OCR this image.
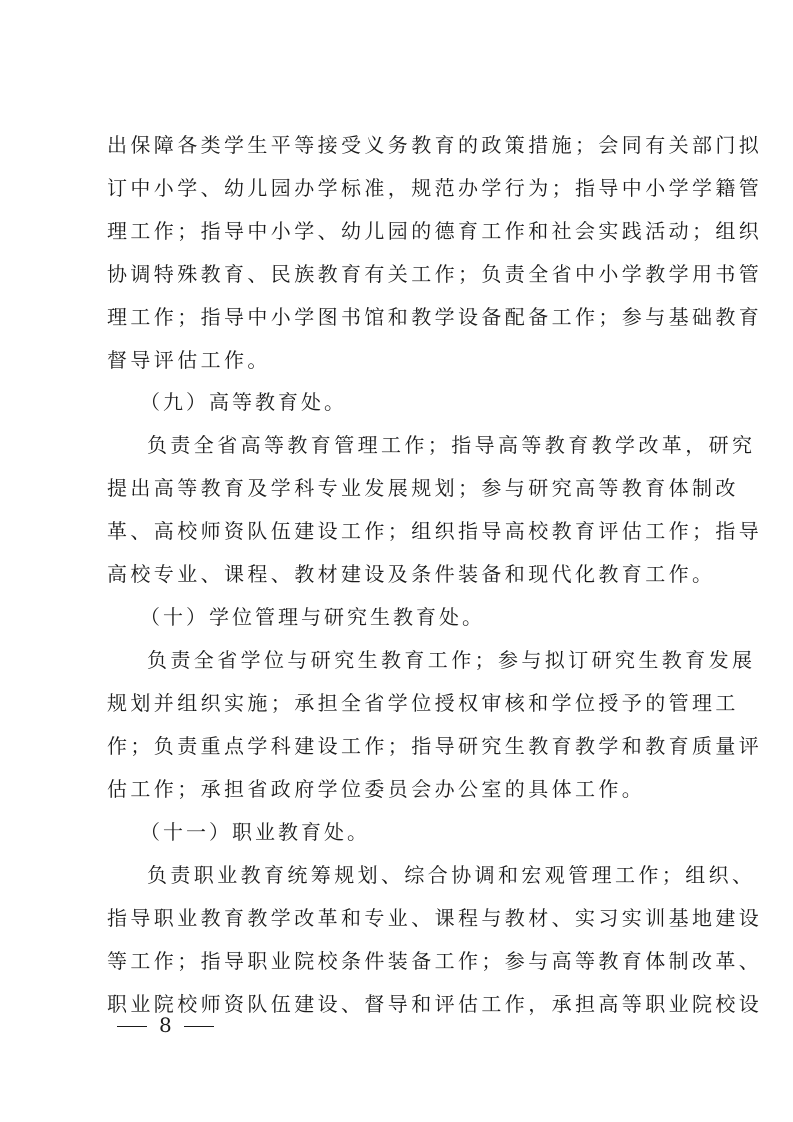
出保障各类学生平等接受义务教育的政策措施；会同有关部门拟
订中小学、幼儿园办学标准，规范办学行为；指导中小学学籍管
理工作；指导中小学、幼儿园的德育工作和社会实践活动；组织
协调特殊教育、民族教育有关工作；负责全省中小学教学用书管
理工作；指导中小学图书馆和教学设备配备工作；参与基础教育
督导评估工作。
（九）高等教育处。
负责全省高等教育管理工作；指导高等教育教学改革，研究
提出高等教育及学科专业发展规划；参与研究高等教育体制改
革、高校师资队伍建设工作；组织指导高校教育评估工作；指导
高校专业、课程、教材建设及条件装备和现代化教育工作。
（十）学位管理与研究生教育处。
负责全省学位与研究生教育工作；参与拟订研究生教育发展
规划并组织实施；承担全省学位授权审核和学位授予的管理工
作；负责重点学科建设工作；指导研究生教育教学和教育质量评
估工作；承担省政府学位委员会办公室的具体工作。
（十一）职业教育处。
负责职业教育统筹规划、综合协调和宏观管理工作；组织、
指导职业教育教学改革和专业、课程与教材、实习实训基地建设
等工作；指导职业院校条件装备工作；参与高等教育体制改革、
职业院校师资队伍建设、督导和评估工作，承担高等职业院校设
8
